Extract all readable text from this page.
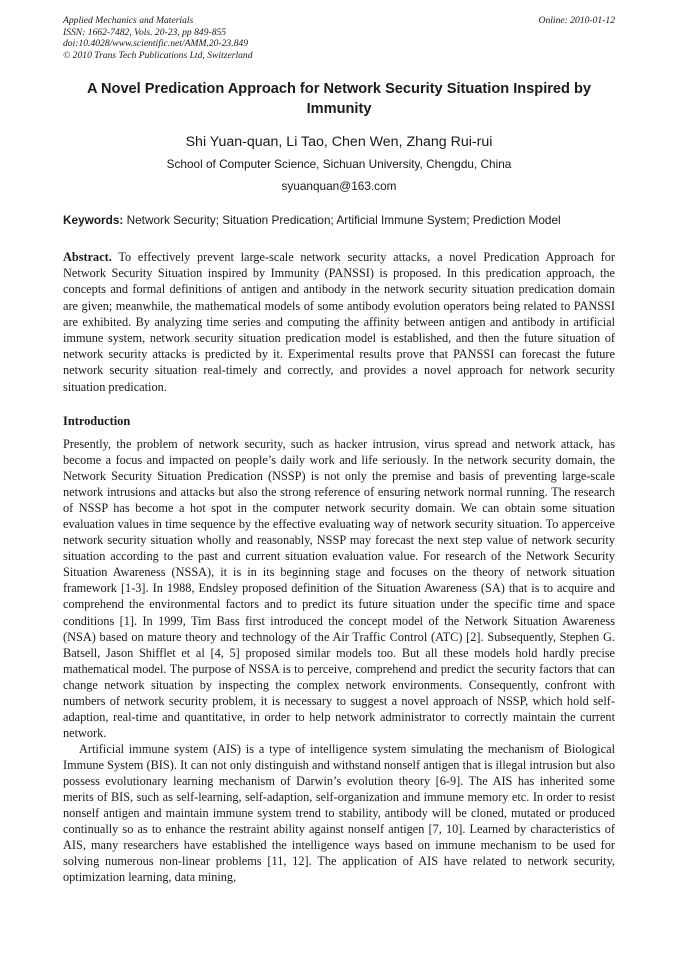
Applied Mechanics and Materials
ISSN: 1662-7482, Vols. 20-23, pp 849-855
doi:10.4028/www.scientific.net/AMM.20-23.849
© 2010 Trans Tech Publications Ltd, Switzerland
Online: 2010-01-12
A Novel Predication Approach for Network Security Situation Inspired by Immunity
Shi Yuan-quan, Li Tao, Chen Wen, Zhang Rui-rui
School of Computer Science, Sichuan University, Chengdu, China
syuanquan@163.com
Keywords: Network Security; Situation Predication; Artificial Immune System; Prediction Model
Abstract. To effectively prevent large-scale network security attacks, a novel Predication Approach for Network Security Situation inspired by Immunity (PANSSI) is proposed. In this predication approach, the concepts and formal definitions of antigen and antibody in the network security situation predication domain are given; meanwhile, the mathematical models of some antibody evolution operators being related to PANSSI are exhibited. By analyzing time series and computing the affinity between antigen and antibody in artificial immune system, network security situation predication model is established, and then the future situation of network security attacks is predicted by it. Experimental results prove that PANSSI can forecast the future network security situation real-timely and correctly, and provides a novel approach for network security situation predication.
Introduction

Presently, the problem of network security, such as hacker intrusion, virus spread and network attack, has become a focus and impacted on people’s daily work and life seriously. In the network security domain, the Network Security Situation Predication (NSSP) is not only the premise and basis of preventing large-scale network intrusions and attacks but also the strong reference of ensuring network normal running. The research of NSSP has become a hot spot in the computer network security domain. We can obtain some situation evaluation values in time sequence by the effective evaluating way of network security situation. To apperceive network security situation wholly and reasonably, NSSP may forecast the next step value of network security situation according to the past and current situation evaluation value. For research of the Network Security Situation Awareness (NSSA), it is in its beginning stage and focuses on the theory of network situation framework [1-3]. In 1988, Endsley proposed definition of the Situation Awareness (SA) that is to acquire and comprehend the environmental factors and to predict its future situation under the specific time and space conditions [1]. In 1999, Tim Bass first introduced the concept model of the Network Situation Awareness (NSA) based on mature theory and technology of the Air Traffic Control (ATC) [2]. Subsequently, Stephen G. Batsell, Jason Shifflet et al [4, 5] proposed similar models too. But all these models hold hardly precise mathematical model. The purpose of NSSA is to perceive, comprehend and predict the security factors that can change network situation by inspecting the complex network environments. Consequently, confront with numbers of network security problem, it is necessary to suggest a novel approach of NSSP, which hold self-adaption, real-time and quantitative, in order to help network administrator to correctly maintain the current network.

Artificial immune system (AIS) is a type of intelligence system simulating the mechanism of Biological Immune System (BIS). It can not only distinguish and withstand nonself antigen that is illegal intrusion but also possess evolutionary learning mechanism of Darwin’s evolution theory [6-9]. The AIS has inherited some merits of BIS, such as self-learning, self-adaption, self-organization and immune memory etc. In order to resist nonself antigen and maintain immune system trend to stability, antibody will be cloned, mutated or produced continually so as to enhance the restraint ability against nonself antigen [7, 10]. Learned by characteristics of AIS, many researchers have established the intelligence ways based on immune mechanism to be used for solving numerous non-linear problems [11, 12]. The application of AIS have related to network security, optimization learning, data mining,
